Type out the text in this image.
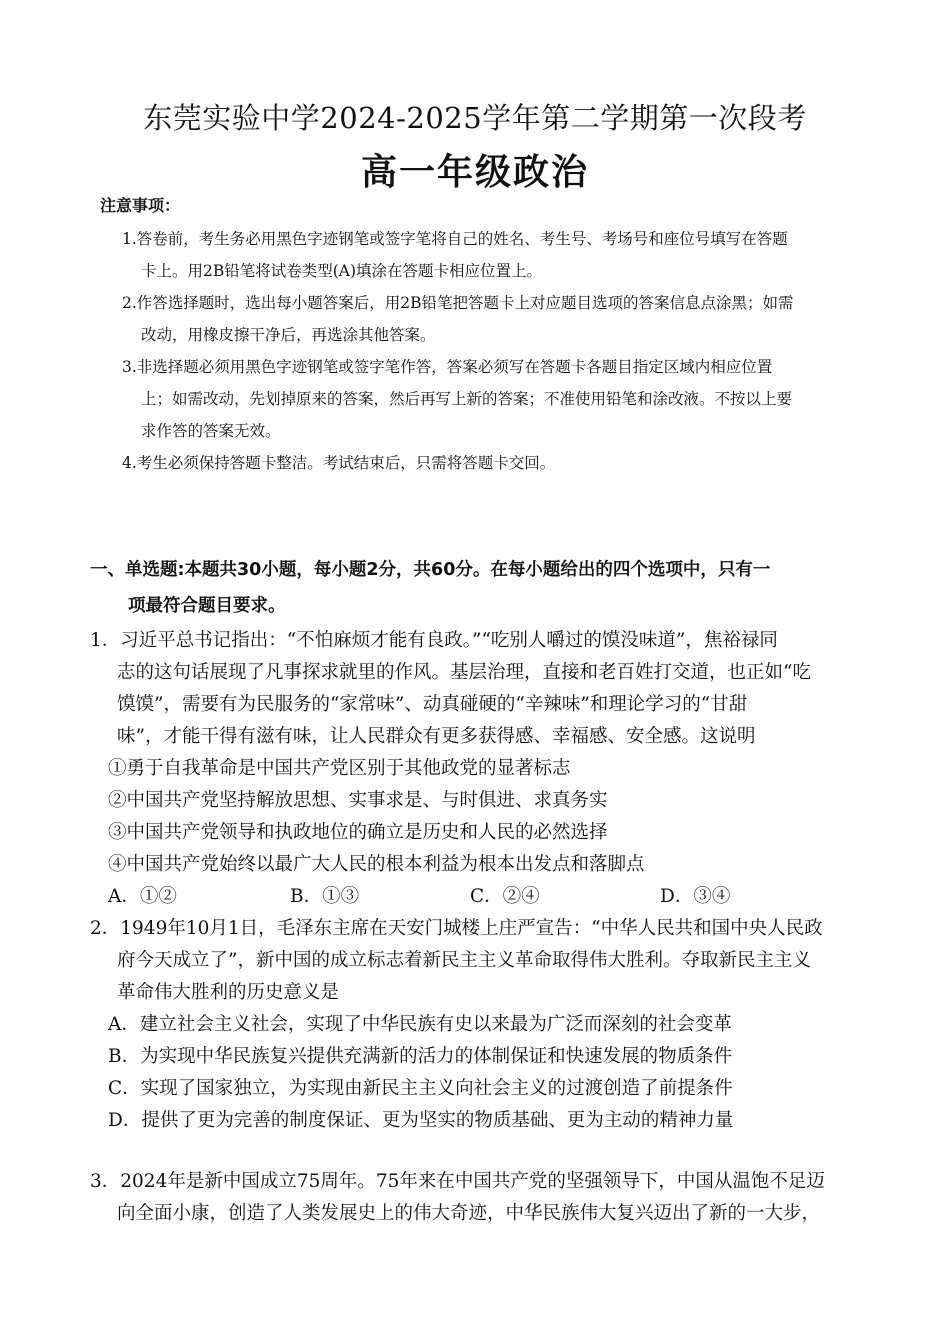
东莞实验中学2024-2025学年第二学期第一次段考
高一年级政治
注意事项：
1.答卷前，考生务必用黑色字迹钢笔或签字笔将自己的姓名、考生号、考场号和座位号填写在答题
卡上。用2B铅笔将试卷类型(A)填涂在答题卡相应位置上。
2.作答选择题时，选出每小题答案后，用2B铅笔把答题卡上对应题目选项的答案信息点涂黑；如需
改动，用橡皮擦干净后，再选涂其他答案。
3.非选择题必须用黑色字迹钢笔或签字笔作答，答案必须写在答题卡各题目指定区域内相应位置
上；如需改动，先划掉原来的答案，然后再写上新的答案；不准使用铅笔和涂改液。不按以上要
求作答的答案无效。
4.考生必须保持答题卡整洁。考试结束后，只需将答题卡交回。
一、单选题:本题共30小题，每小题2分，共60分。在每小题给出的四个选项中，只有一
项最符合题目要求。
1．习近平总书记指出：“不怕麻烦才能有良政。”“吃别人嚼过的馍没味道”，焦裕禄同
志的这句话展现了凡事探求就里的作风。基层治理，直接和老百姓打交道，也正如“吃
馍馍”，需要有为民服务的“家常味”、动真碰硬的“辛辣味”和理论学习的“甘甜
味”，才能干得有滋有味，让人民群众有更多获得感、幸福感、安全感。这说明
①勇于自我革命是中国共产党区别于其他政党的显著标志
②中国共产党坚持解放思想、实事求是、与时俱进、求真务实
③中国共产党领导和执政地位的确立是历史和人民的必然选择
④中国共产党始终以最广大人民的根本利益为根本出发点和落脚点
A．①②	B．①③	C．②④	D．③④
2．1949年10月1日，毛泽东主席在天安门城楼上庄严宣告：“中华人民共和国中央人民政
府今天成立了”，新中国的成立标志着新民主主义革命取得伟大胜利。夺取新民主主义
革命伟大胜利的历史意义是
A．建立社会主义社会，实现了中华民族有史以来最为广泛而深刻的社会变革
B．为实现中华民族复兴提供充满新的活力的体制保证和快速发展的物质条件
C．实现了国家独立，为实现由新民主主义向社会主义的过渡创造了前提条件
D．提供了更为完善的制度保证、更为坚实的物质基础、更为主动的精神力量
3．2024年是新中国成立75周年。75年来在中国共产党的坚强领导下，中国从温饱不足迈
向全面小康，创造了人类发展史上的伟大奇迹，中华民族伟大复兴迈出了新的一大步，
